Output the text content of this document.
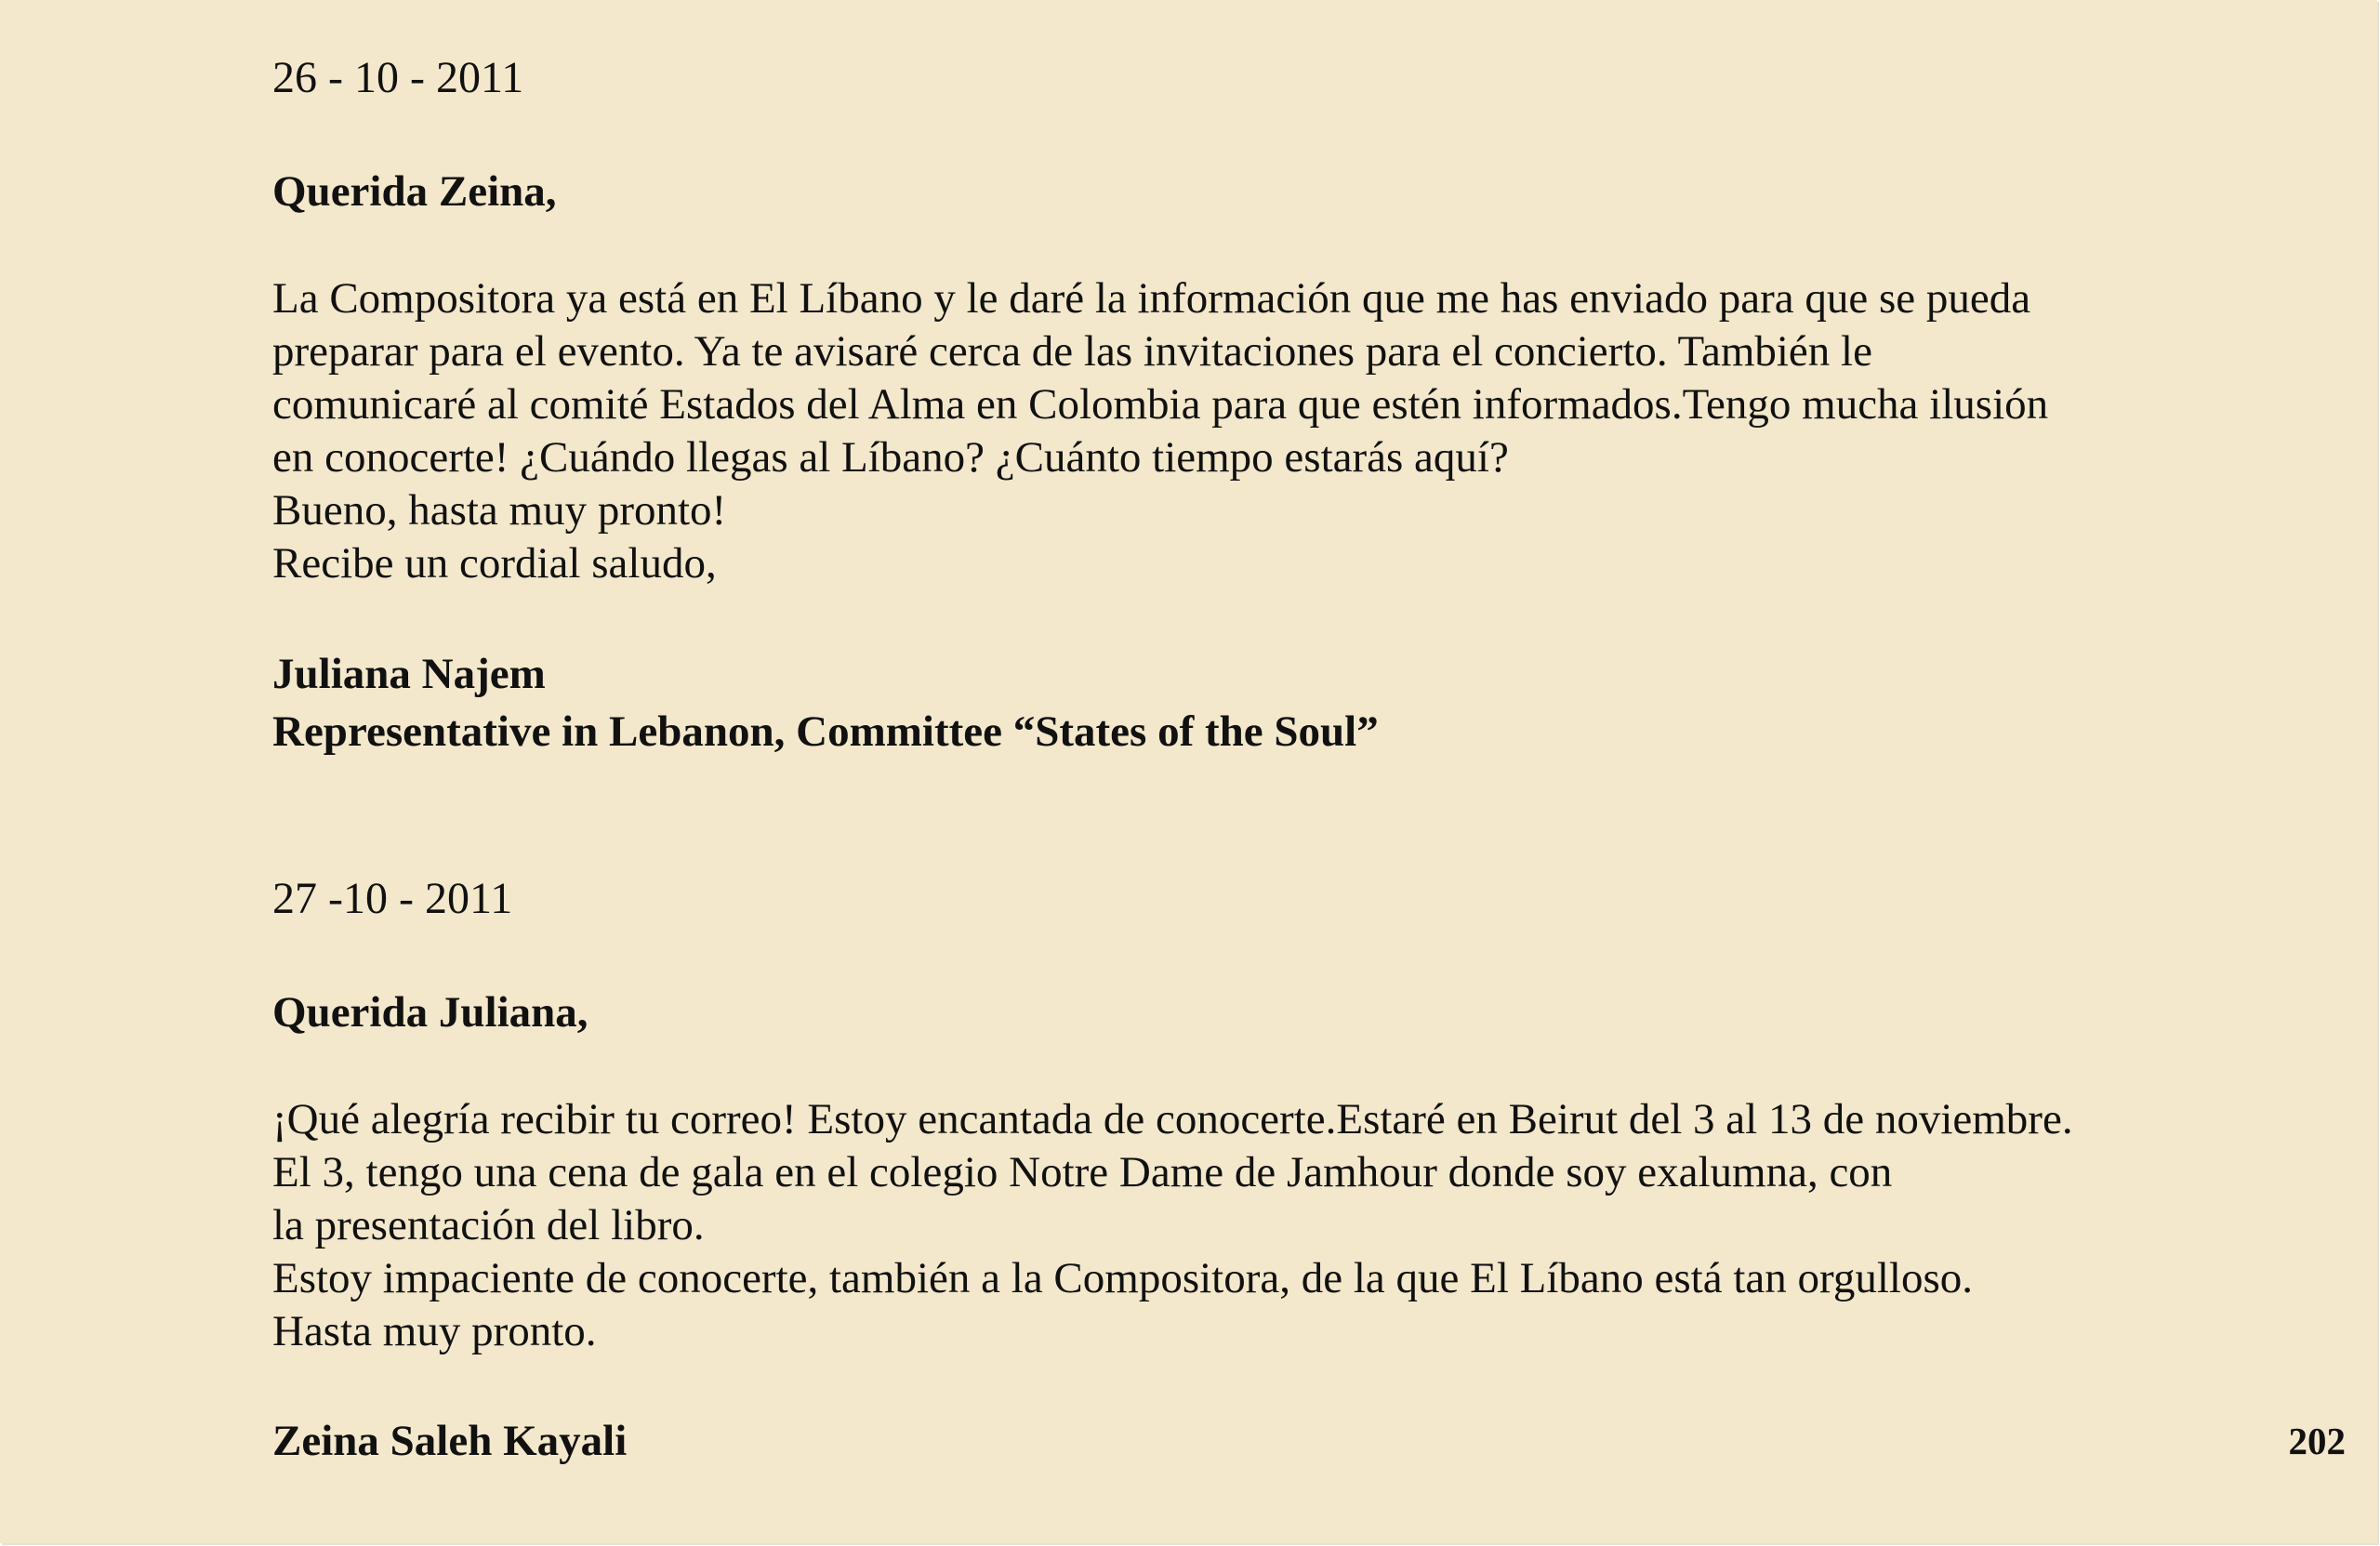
26 - 10 - 2011
Querida Zeina,
La Compositora ya está en El Líbano y le daré la información que me has enviado para que se pueda
preparar para el evento. Ya te avisaré cerca de las invitaciones para el concierto. También le
comunicaré al comité Estados del Alma en Colombia para que estén informados.Tengo mucha ilusión
en conocerte! ¿Cuándo llegas al Líbano? ¿Cuánto tiempo estarás aquí?
Bueno, hasta muy pronto!
Recibe un cordial saludo,
Juliana Najem
Representative in Lebanon, Committee “States of the Soul”
27 -10 - 2011
Querida Juliana,
¡Qué alegría recibir tu correo! Estoy encantada de conocerte.Estaré en Beirut del 3 al 13 de noviembre.
El 3, tengo una cena de gala en el colegio Notre Dame de Jamhour donde soy exalumna, con
la presentación del libro.
Estoy impaciente de conocerte, también a la Compositora, de la que El Líbano está tan orgulloso.
Hasta muy pronto.
Zeina Saleh Kayali	202
